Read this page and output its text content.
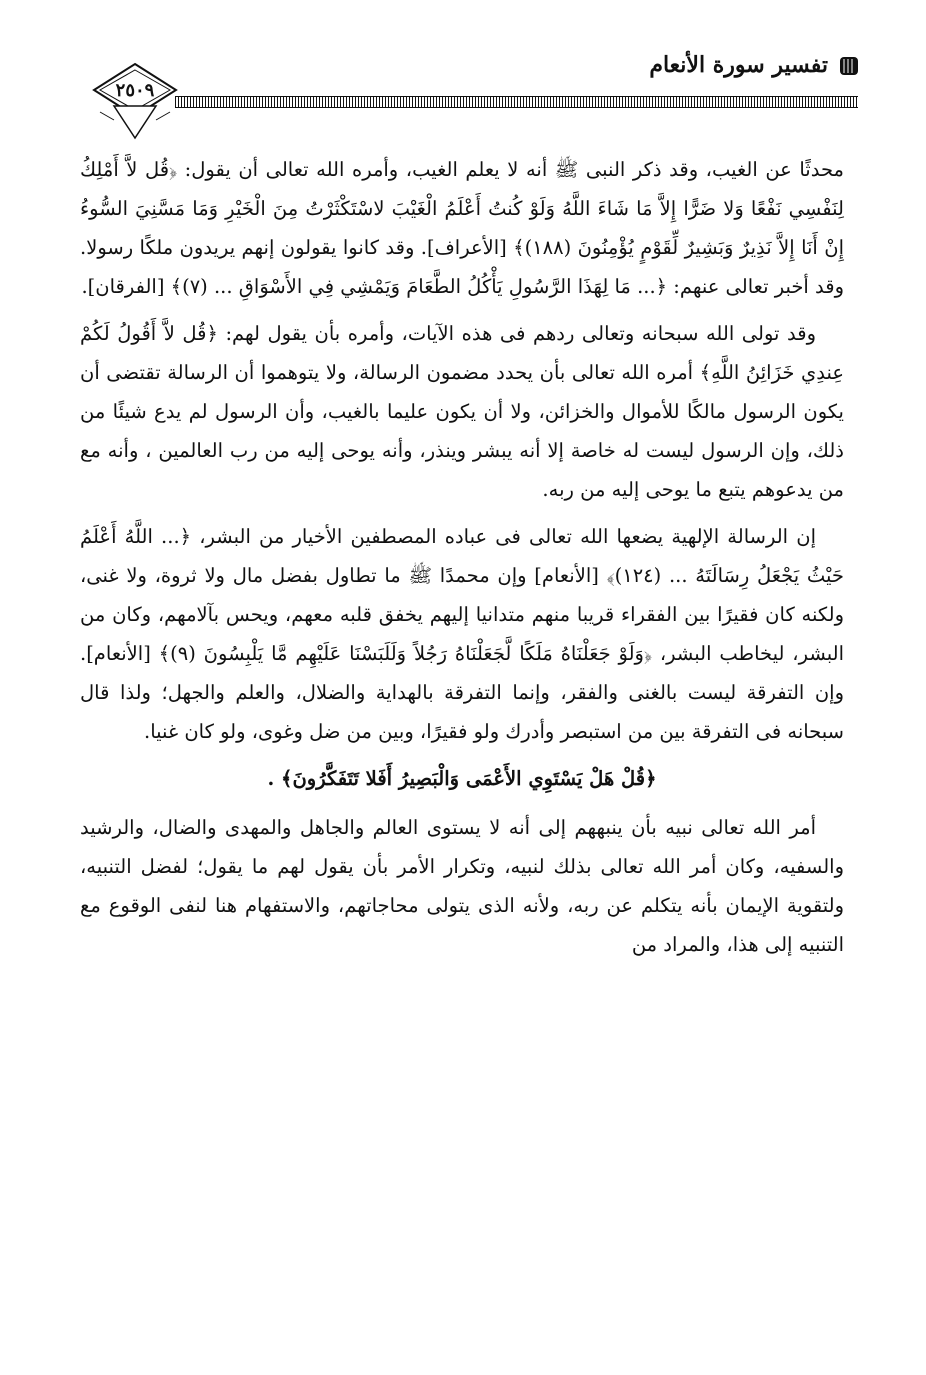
تفسير سورة الأنعام
٢٥٠٩

محدثًا عن الغيب، وقد ذكر النبى ﷺ أنه لا يعلم الغيب، وأمره الله تعالى أن يقول: ﴿قُل لاَّ أَمْلِكُ لِنَفْسِي نَفْعًا وَلا ضَرًّا إِلاَّ مَا شَاءَ اللَّهُ وَلَوْ كُنتُ أَعْلَمُ الْغَيْبَ لاسْتَكْثَرْتُ مِنَ الْخَيْرِ وَمَا مَسَّنِيَ السُّوءُ إِنْ أَنَا إِلاَّ نَذِيرٌ وَبَشِيرٌ لِّقَوْمٍ يُؤْمِنُونَ (١٨٨)﴾ [الأعراف]. وقد كانوا يقولون إنهم يريدون ملكًا رسولا. وقد أخبر تعالى عنهم: ﴿... مَا لِهَذَا الرَّسُولِ يَأْكُلُ الطَّعَامَ وَيَمْشِي فِي الأَسْوَاقِ ... (٧)﴾ [الفرقان].

وقد تولى الله سبحانه وتعالى ردهم فى هذه الآيات، وأمره بأن يقول لهم: ﴿قُل لاَّ أَقُولُ لَكُمْ عِندِي خَزَائِنُ اللَّهِ﴾ أمره الله تعالى بأن يحدد مضمون الرسالة، ولا يتوهموا أن الرسالة تقتضى أن يكون الرسول مالكًا للأموال والخزائن، ولا أن يكون عليما بالغيب، وأن الرسول لم يدع شيئًا من ذلك، وإن الرسول ليست له خاصة إلا أنه يبشر وينذر، وأنه يوحى إليه من رب العالمين ، وأنه مع من يدعوهم يتبع ما يوحى إليه من ربه.

إن الرسالة الإلهية يضعها الله تعالى فى عباده المصطفين الأخيار من البشر، ﴿... اللَّهُ أَعْلَمُ حَيْثُ يَجْعَلُ رِسَالَتَهُ ... (١٢٤)﴾ [الأنعام] وإن محمدًا ﷺ ما تطاول بفضل مال ولا ثروة، ولا غنى، ولكنه كان فقيرًا بين الفقراء قريبا منهم متدانيا إليهم يخفق قلبه معهم، ويحس بآلامهم، وكان من البشر، ليخاطب البشر، ﴿وَلَوْ جَعَلْنَاهُ مَلَكًا لَّجَعَلْنَاهُ رَجُلاً وَلَلَبَسْنَا عَلَيْهِم مَّا يَلْبِسُونَ (٩)﴾ [الأنعام]. وإن التفرقة ليست بالغنى والفقر، وإنما التفرقة بالهداية والضلال، والعلم والجهل؛ ولذا قال سبحانه فى التفرقة بين من استبصر وأدرك ولو فقيرًا، وبين من ضل وغوى، ولو كان غنيا.

﴿قُلْ هَلْ يَسْتَوِي الأَعْمَى وَالْبَصِيرُ أَفَلا تَتَفَكَّرُونَ﴾ .

أمر الله تعالى نبيه بأن ينبههم إلى أنه لا يستوى العالم والجاهل والمهدى والضال، والرشيد والسفيه، وكان أمر الله تعالى بذلك لنبيه، وتكرار الأمر بأن يقول لهم ما يقول؛ لفضل التنبيه، ولتقوية الإيمان بأنه يتكلم عن ربه، ولأنه الذى يتولى محاجاتهم، والاستفهام هنا لنفى الوقوع مع التنبيه إلى هذا، والمراد من
